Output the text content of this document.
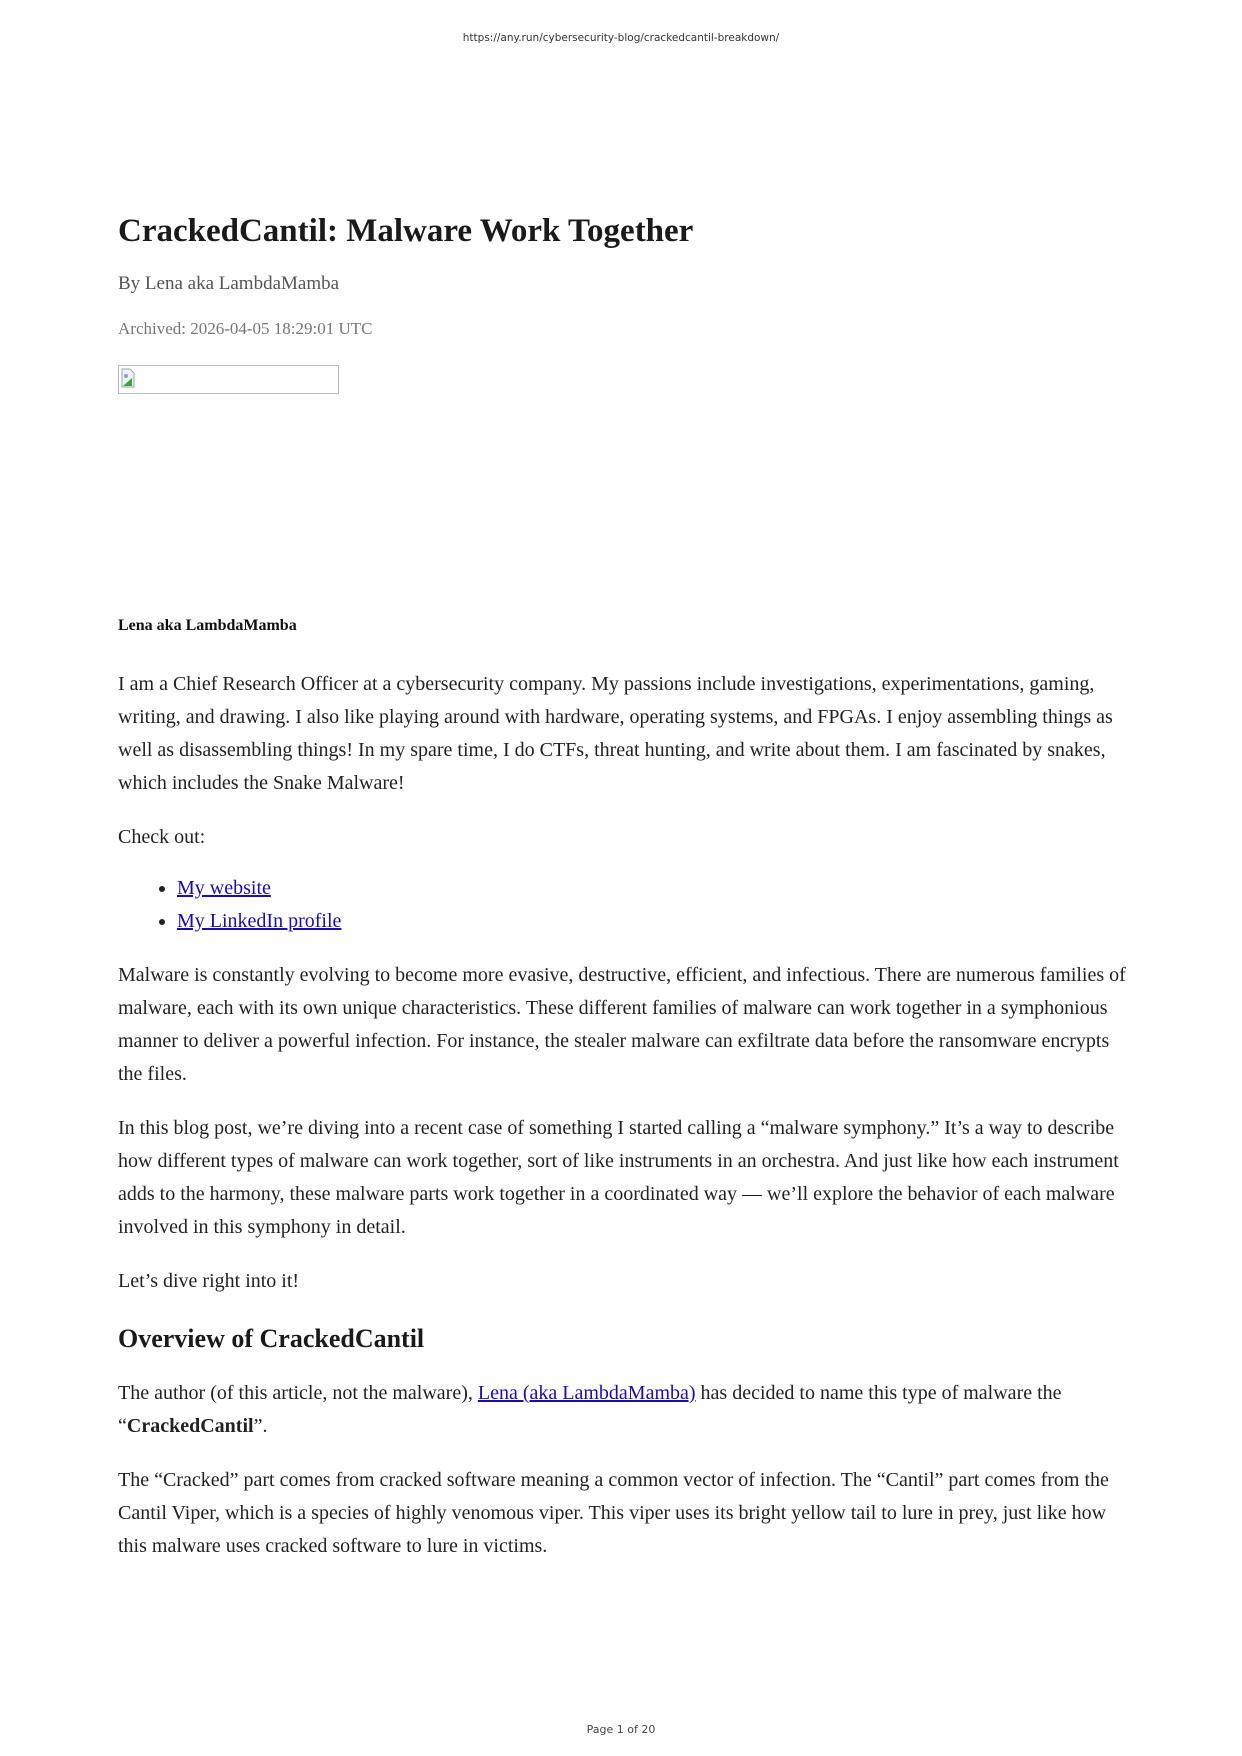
https://any.run/cybersecurity-blog/crackedcantil-breakdown/
CrackedCantil: Malware Work Together
By Lena aka LambdaMamba
Archived: 2026-04-05 18:29:01 UTC
Lena aka LambdaMamba

I am a Chief Research Officer at a cybersecurity company. My passions include investigations, experimentations, gaming, writing, and drawing. I also like playing around with hardware, operating systems, and FPGAs. I enjoy assembling things as well as disassembling things! In my spare time, I do CTFs, threat hunting, and write about them. I am fascinated by snakes, which includes the Snake Malware!

Check out:

• My website
• My LinkedIn profile

Malware is constantly evolving to become more evasive, destructive, efficient, and infectious. There are numerous families of malware, each with its own unique characteristics. These different families of malware can work together in a symphonious manner to deliver a powerful infection. For instance, the stealer malware can exfiltrate data before the ransomware encrypts the files.

In this blog post, we’re diving into a recent case of something I started calling a “malware symphony.” It’s a way to describe how different types of malware can work together, sort of like instruments in an orchestra. And just like how each instrument adds to the harmony, these malware parts work together in a coordinated way — we’ll explore the behavior of each malware involved in this symphony in detail.

Let’s dive right into it!

Overview of CrackedCantil

The author (of this article, not the malware), Lena (aka LambdaMamba) has decided to name this type of malware the “CrackedCantil”.

The “Cracked” part comes from cracked software meaning a common vector of infection. The “Cantil” part comes from the Cantil Viper, which is a species of highly venomous viper. This viper uses its bright yellow tail to lure in prey, just like how this malware uses cracked software to lure in victims.

Page 1 of 20
